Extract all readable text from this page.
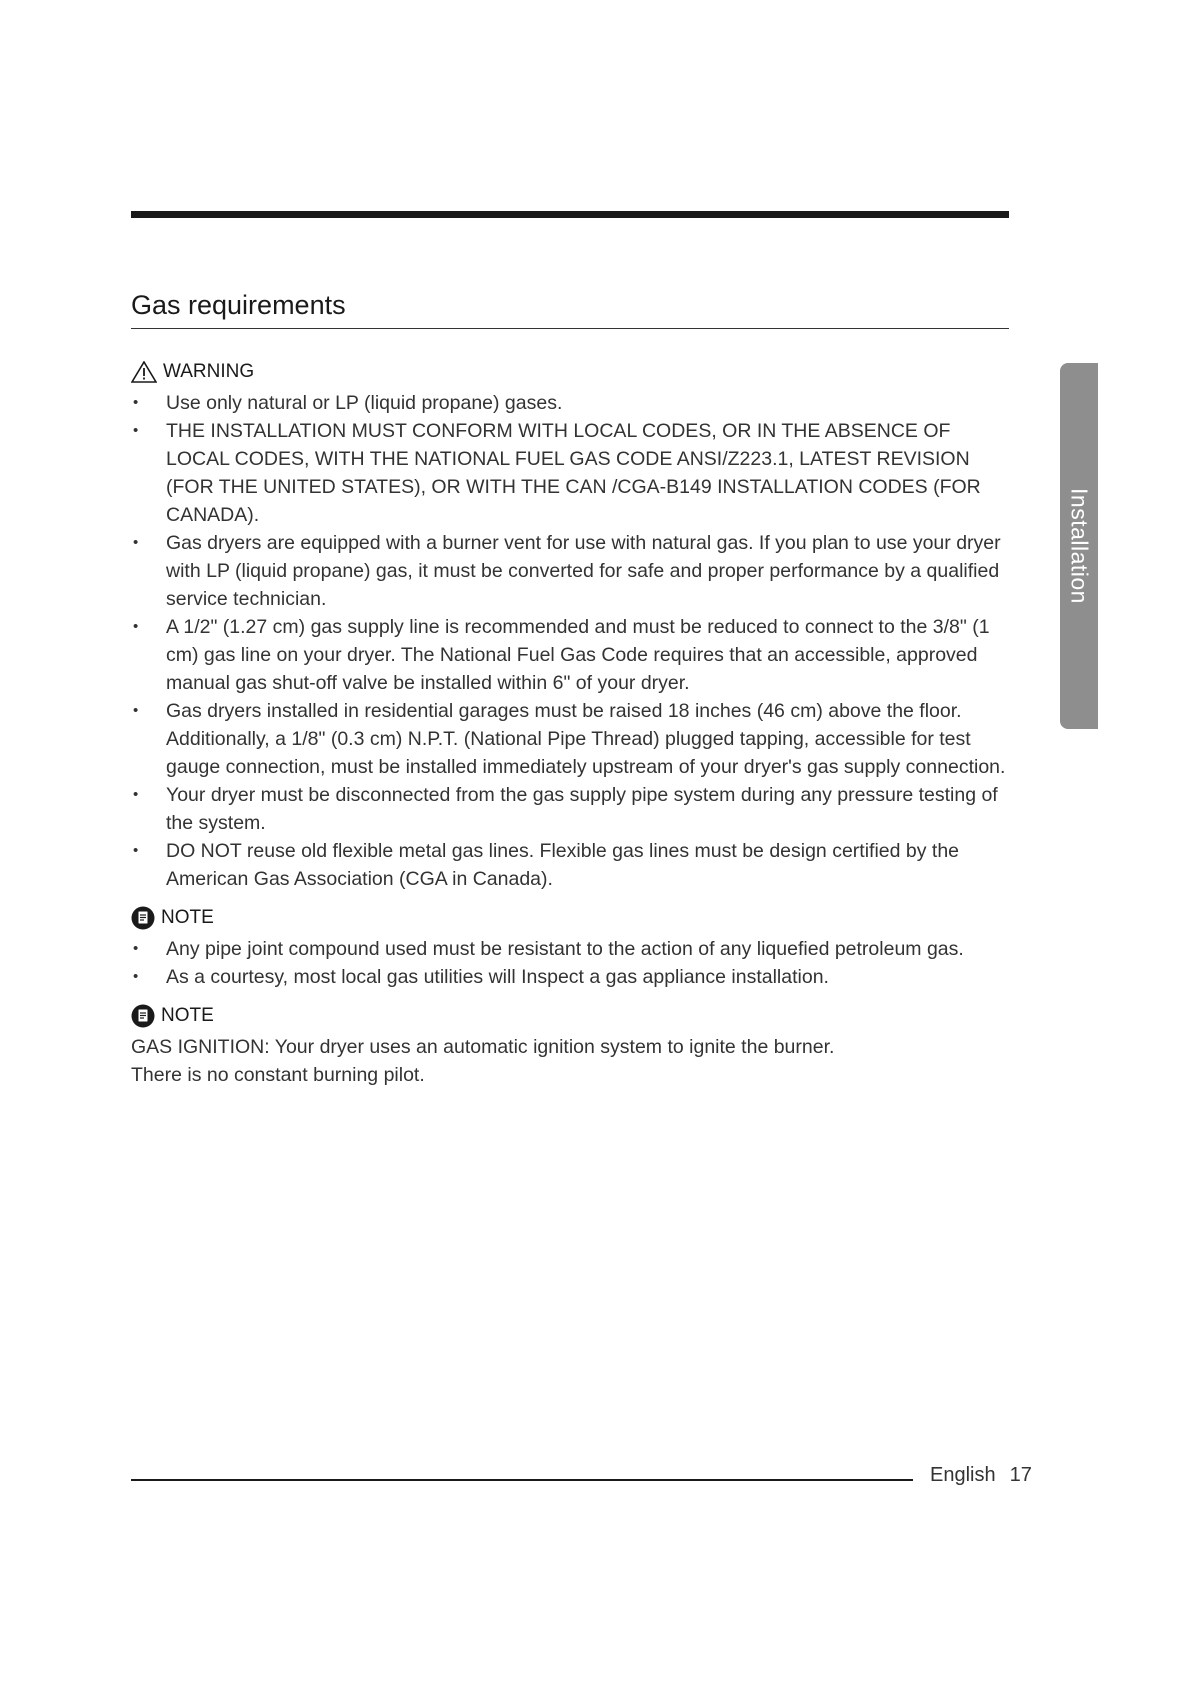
Gas requirements
WARNING
• Use only natural or LP (liquid propane) gases.
• THE INSTALLATION MUST CONFORM WITH LOCAL CODES, OR IN THE ABSENCE OF LOCAL CODES, WITH THE NATIONAL FUEL GAS CODE ANSI/Z223.1, LATEST REVISION (FOR THE UNITED STATES), OR WITH THE CAN /CGA-B149 INSTALLATION CODES (FOR CANADA).
• Gas dryers are equipped with a burner vent for use with natural gas. If you plan to use your dryer with LP (liquid propane) gas, it must be converted for safe and proper performance by a qualified service technician.
• A 1/2" (1.27 cm) gas supply line is recommended and must be reduced to connect to the 3/8" (1 cm) gas line on your dryer. The National Fuel Gas Code requires that an accessible, approved manual gas shut-off valve be installed within 6" of your dryer.
• Gas dryers installed in residential garages must be raised 18 inches (46 cm) above the floor.
Additionally, a 1/8" (0.3 cm) N.P.T. (National Pipe Thread) plugged tapping, accessible for test gauge connection, must be installed immediately upstream of your dryer's gas supply connection.
• Your dryer must be disconnected from the gas supply pipe system during any pressure testing of the system.
• DO NOT reuse old flexible metal gas lines. Flexible gas lines must be design certified by the American Gas Association (CGA in Canada).
NOTE
• Any pipe joint compound used must be resistant to the action of any liquefied petroleum gas.
• As a courtesy, most local gas utilities will Inspect a gas appliance installation.
NOTE

GAS IGNITION: Your dryer uses an automatic ignition system to ignite the burner.

There is no constant burning pilot.

Installation
English 17
